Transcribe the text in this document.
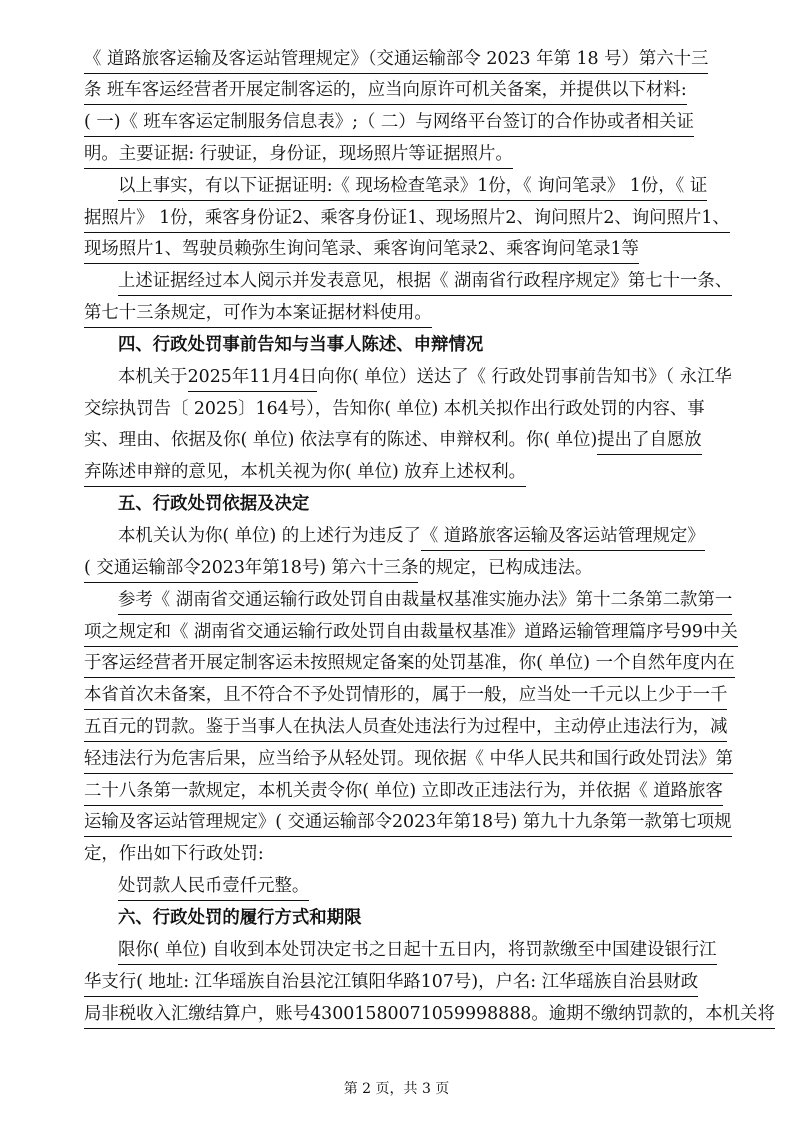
《 道路旅客运输及客运站管理规定》（交通运输部令 2023 年第 18 号）第六十三
条 班车客运经营者开展定制客运的，应当向原许可机关备案，并提供以下材料:
( 一)《 班车客运定制服务信息表》;（ 二）与网络平台签订的合作协或者相关证
明。主要证据: 行驶证，身份证，现场照片等证据照片。
以上事实，有以下证据证明:《 现场检查笔录》1份，《 询问笔录》 1份，《 证
据照片》 1份，乘客身份证2、乘客身份证1、现场照片2、询问照片2、询问照片1、
现场照片1、驾驶员赖弥生询问笔录、乘客询问笔录2、乘客询问笔录1等
上述证据经过本人阅示并发表意见，根据《 湖南省行政程序规定》第七十一条、
第七十三条规定，可作为本案证据材料使用。
四、行政处罚事前告知与当事人陈述、申辩情况
本机关于2025年11月4日向你( 单位）送达了《 行政处罚事前告知书》（ 永江华
交综执罚告〔 2025〕164号），告知你( 单位) 本机关拟作出行政处罚的内容、事
实、理由、依据及你( 单位) 依法享有的陈述、申辩权利。你( 单位)提出了自愿放
弃陈述申辩的意见，本机关视为你( 单位) 放弃上述权利。
五、行政处罚依据及决定
本机关认为你( 单位) 的上述行为违反了《 道路旅客运输及客运站管理规定》
( 交通运输部令2023年第18号) 第六十三条的规定，已构成违法。
参考《 湖南省交通运输行政处罚自由裁量权基准实施办法》第十二条第二款第一
项之规定和《 湖南省交通运输行政处罚自由裁量权基准》道路运输管理篇序号99中关
于客运经营者开展定制客运未按照规定备案的处罚基准，你( 单位) 一个自然年度内在
本省首次未备案，且不符合不予处罚情形的，属于一般，应当处一千元以上少于一千
五百元的罚款。鉴于当事人在执法人员查处违法行为过程中，主动停止违法行为，减
轻违法行为危害后果，应当给予从轻处罚。现依据《 中华人民共和国行政处罚法》第
二十八条第一款规定，本机关责令你( 单位) 立即改正违法行为，并依据《 道路旅客
运输及客运站管理规定》( 交通运输部令2023年第18号) 第九十九条第一款第七项规
定，作出如下行政处罚:
处罚款人民币壹仟元整。
六、行政处罚的履行方式和期限
限你( 单位) 自收到本处罚决定书之日起十五日内，将罚款缴至中国建设银行江
华支行( 地址: 江华瑶族自治县沱江镇阳华路107号)，户名: 江华瑶族自治县财政
局非税收入汇缴结算户，账号43001580071059998888。逾期不缴纳罚款的，本机关将
第 2 页，共 3 页
